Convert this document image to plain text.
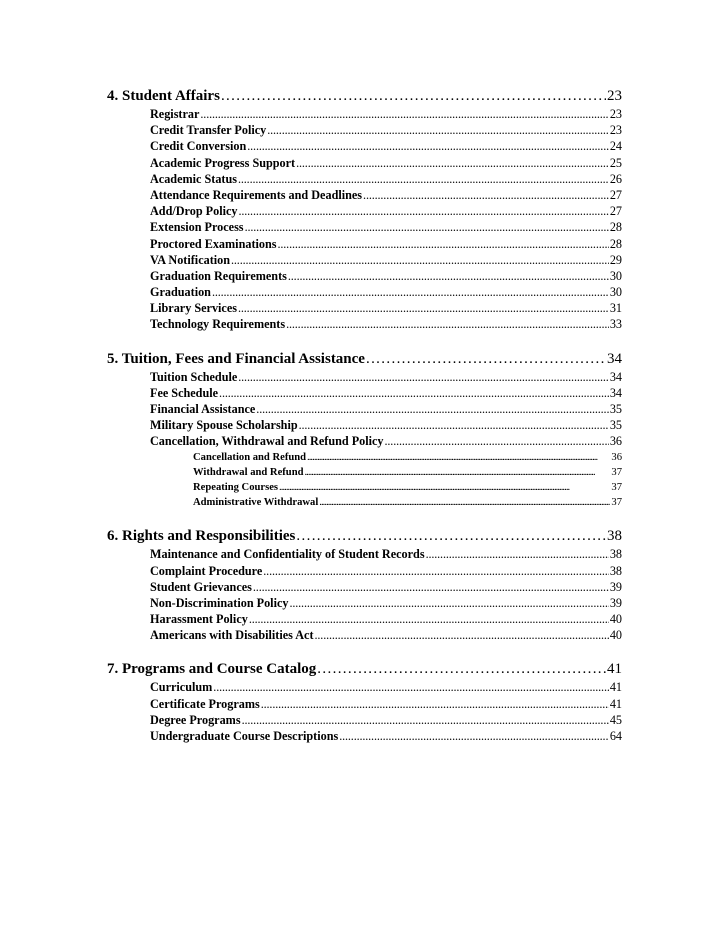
4. Student Affairs . . .	23
Registrar . . .	23
Credit Transfer Policy . . .	23
Credit Conversion . . .	24
Academic Progress Support . . .	25
Academic Status . . .	26
Attendance Requirements and Deadlines . . .	27
Add/Drop Policy . . .	27
Extension Process . . .	28
Proctored Examinations . . .	28
VA Notification . . .	29
Graduation Requirements . . .	30
Graduation . . .	30
Library Services . . .	31
Technology Requirements . . .	33
5. Tuition, Fees and Financial Assistance . . .	34
Tuition Schedule . . .	34
Fee Schedule . . .	34
Financial Assistance . . .	35
Military Spouse Scholarship . . .	35
Cancellation, Withdrawal and Refund Policy . . .	36
Cancellation and Refund . . .	36
Withdrawal and Refund . . .	37
Repeating Courses . . .	37
Administrative Withdrawal . . .	37
6. Rights and Responsibilities . . .	38
Maintenance and Confidentiality of Student Records . . .	38
Complaint Procedure . . .	38
Student Grievances . . .	39
Non-Discrimination Policy . . .	39
Harassment Policy . . .	40
Americans with Disabilities Act . . .	40
7. Programs and Course Catalog . . .	41
Curriculum . . .	41
Certificate Programs . . .	41
Degree Programs . . .	45
Undergraduate Course Descriptions . . .	64
